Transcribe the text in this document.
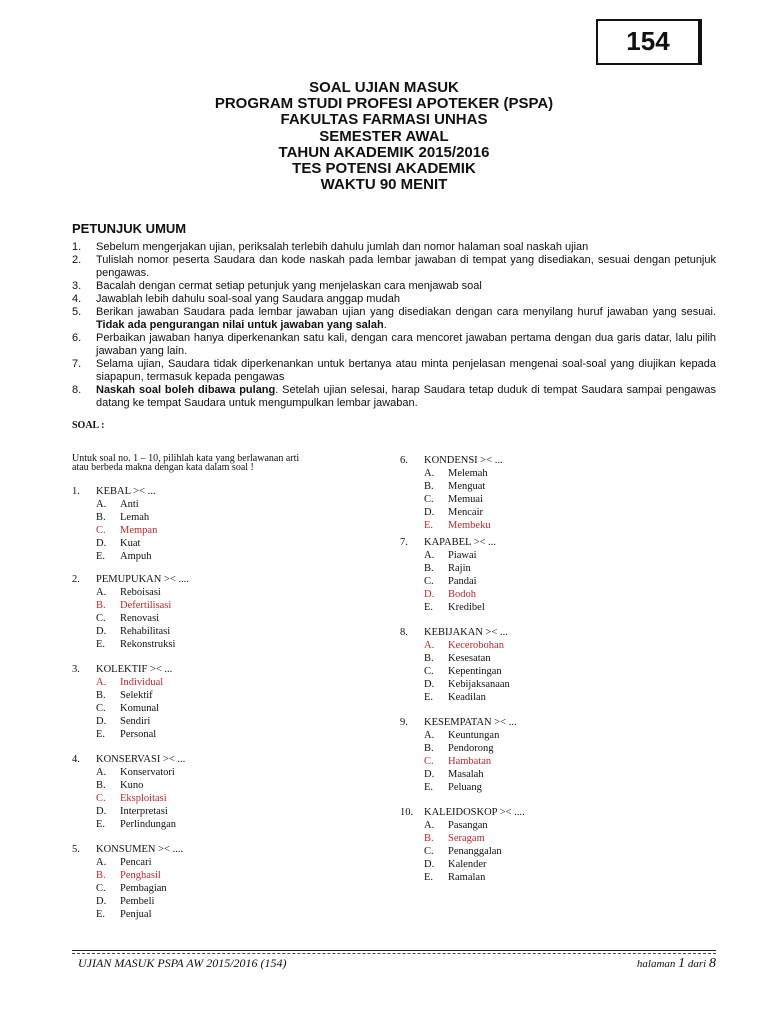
154
SOAL UJIAN MASUK
PROGRAM STUDI PROFESI APOTEKER (PSPA)
FAKULTAS FARMASI UNHAS
SEMESTER AWAL
TAHUN AKADEMIK 2015/2016
TES POTENSI AKADEMIK
WAKTU 90 MENIT
PETUNJUK UMUM
1.	Sebelum mengerjakan ujian, periksalah terlebih dahulu jumlah dan nomor halaman soal naskah ujian
2.	Tulislah nomor peserta Saudara dan kode naskah pada lembar jawaban di tempat yang disediakan, sesuai dengan petunjuk pengawas.
3.	Bacalah dengan cermat setiap petunjuk yang menjelaskan cara menjawab soal
4.	Jawablah lebih dahulu soal-soal yang Saudara anggap mudah
5.	Berikan jawaban Saudara pada lembar jawaban ujian yang disediakan dengan cara menyilang huruf jawaban yang sesuai. Tidak ada pengurangan nilai untuk jawaban yang salah.
6.	Perbaikan jawaban hanya diperkenankan satu kali, dengan cara mencoret jawaban pertama dengan dua garis datar, lalu pilih jawaban yang lain.
7.	Selama ujian, Saudara tidak diperkenankan untuk bertanya atau minta penjelasan mengenai soal-soal yang diujikan kepada siapapun, termasuk kepada pengawas
8.	Naskah soal boleh dibawa pulang. Setelah ujian selesai, harap Saudara tetap duduk di tempat Saudara sampai pengawas datang ke tempat Saudara untuk mengumpulkan lembar jawaban.
SOAL :
Untuk soal no. 1 – 10, pilihlah kata yang berlawanan arti
atau berbeda makna dengan kata dalam soal !
1.	KEBAL >< ...
A.	Anti
B.	Lemah
C.	Mempan
D.	Kuat
E.	Ampuh
2.	PEMUPUKAN >< ....
A.	Reboisasi
B.	Defertilisasi
C.	Renovasi
D.	Rehabilitasi
E.	Rekonstruksi
3.	KOLEKTIF >< ...
A.	Individual
B.	Selektif
C.	Komunal
D.	Sendiri
E.	Personal
4.	KONSERVASI >< ...
A.	Konservatori
B.	Kuno
C.	Eksploitasi
D.	Interpretasi
E.	Perlindungan
5.	KONSUMEN >< ....
A.	Pencari
B.	Penghasil
C.	Pembagian
D.	Pembeli
E.	Penjual
6.	KONDENSI >< ...
A.	Melemah
B.	Menguat
C.	Memuai
D.	Mencair
E.	Membeku
7.	KAPABEL >< ...
A.	Piawai
B.	Rajin
C.	Pandai
D.	Bodoh
E.	Kredibel
8.	KEBIJAKAN >< ...
A.	Kecerobohan
B.	Kesesatan
C.	Kepentingan
D.	Kebijaksanaan
E.	Keadilan
9.	KESEMPATAN >< ...
A.	Keuntungan
B.	Pendorong
C.	Hambatan
D.	Masalah
E.	Peluang
10.	KALEIDOSKOP >< ....
A.	Pasangan
B.	Seragam
C.	Penanggalan
D.	Kalender
E.	Ramalan
UJIAN MASUK PSPA AW 2015/2016 (154)	halaman 1 dari 8
